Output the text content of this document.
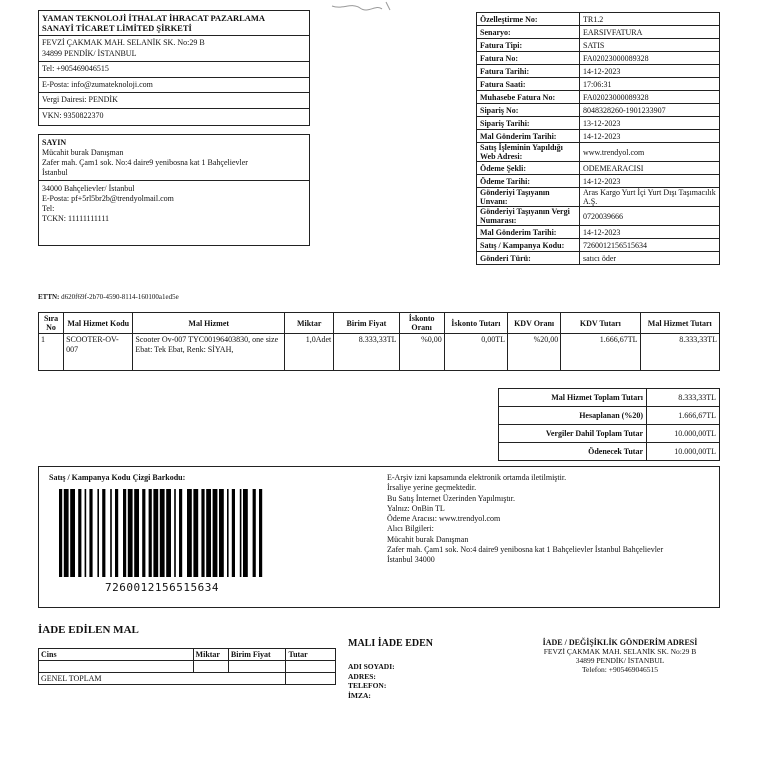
YAMAN TEKNOLOJİ İTHALAT İHRACAT PAZARLAMA
SANAYİ TİCARET LİMİTED ŞİRKETİ
FEVZİ ÇAKMAK MAH. SELANİK SK. No:29 B
34899 PENDİK/ İSTANBUL
Tel: +905469046515
E-Posta: info@zumateknoloji.com
Vergi Dairesi: PENDİK
VKN: 9350822370
SAYIN
Mücahit burak Danışman
Zafer mah. Çam1 sok. No:4 daire9 yenibosna kat 1 Bahçelievler
İstanbul
34000 Bahçelievler/ İstanbul
E-Posta: pf+5rl5br2b@trendyolmail.com
Tel:
TCKN: 11111111111
Özelleştirme No:	TR1.2
Senaryo:	EARSIVFATURA
Fatura Tipi:	SATIS
Fatura No:	FA02023000089328
Fatura Tarihi:	14-12-2023
Fatura Saati:	17:06:31
Muhasebe Fatura No:	FA02023000089328
Sipariş No:	8048328260-1901233907
Sipariş Tarihi:	13-12-2023
Mal Gönderim Tarihi:	14-12-2023
Satış İşleminin Yapıldığı Web Adresi:	www.trendyol.com
Ödeme Şekli:	ODEMEARACISI
Ödeme Tarihi:	14-12-2023
Gönderiyi Taşıyanın Unvanı:	Aras Kargo Yurt İçi Yurt Dışı Taşımacılık A.Ş.
Gönderiyi Taşıyanın Vergi Numarası:	0720039666
Mal Gönderim Tarihi:	14-12-2023
Satış / Kampanya Kodu:	7260012156515634
Gönderi Türü:	satıcı öder
ETTN: d620f69f-2b70-4590-8114-160100a1ed5e
Sıra No	Mal Hizmet Kodu	Mal Hizmet	Miktar	Birim Fiyat	İskonto Oranı	İskonto Tutarı	KDV Oranı	KDV Tutarı	Mal Hizmet Tutarı
1	SCOOTER-OV-007	Scooter Ov-007 TYC00196403830, one size Ebat: Tek Ebat, Renk: SİYAH,	1,0Adet	8.333,33TL	%0,00	0,00TL	%20,00	1.666,67TL	8.333,33TL
Mal Hizmet Toplam Tutarı	8.333,33TL
Hesaplanan (%20)	1.666,67TL
Vergiler Dahil Toplam Tutar	10.000,00TL
Ödenecek Tutar	10.000,00TL
Satış / Kampanya Kodu Çizgi Barkodu:
7260012156515634
E-Arşiv izni kapsamında elektronik ortamda iletilmiştir.
İrsaliye yerine geçmektedir.
Bu Satış İnternet Üzerinden Yapılmıştır.
Yalnız: OnBin TL
Ödeme Aracısı: www.trendyol.com
Alıcı Bilgileri:
Mücahit burak Danışman
Zafer mah. Çam1 sok. No:4 daire9 yenibosna kat 1 Bahçelievler İstanbul Bahçelievler
İstanbul 34000
İADE EDİLEN MAL
Cins	Miktar	Birim Fiyat	Tutar

GENEL TOPLAM			
MALI İADE EDEN
ADI SOYADI:
ADRES:
TELEFON:
İMZA:
İADE / DEĞİŞİKLİK GÖNDERİM ADRESİ
FEVZİ ÇAKMAK MAH. SELANİK SK. No:29 B
34899 PENDİK/ İSTANBUL
Telefon: +905469046515
